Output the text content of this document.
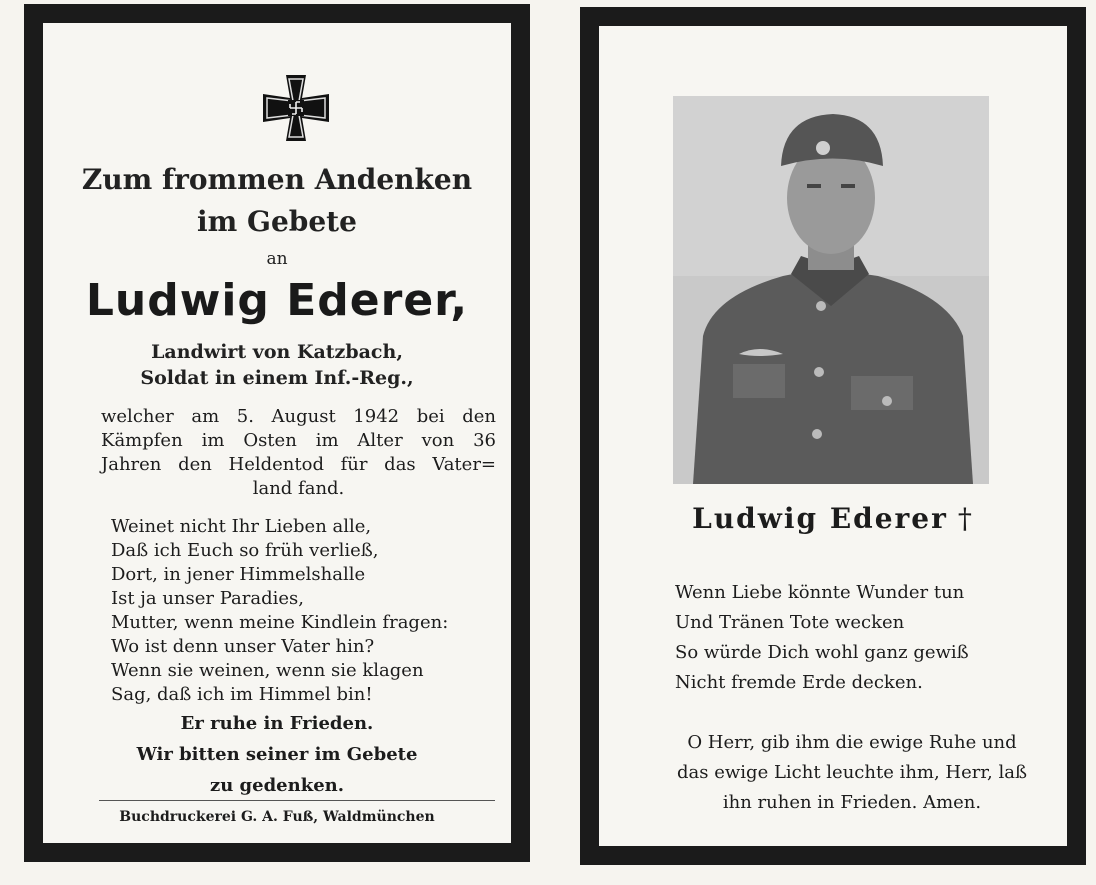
Zum frommen Andenken
im Gebete
an
Ludwig Ederer,
Landwirt von Katzbach,
Soldat in einem Inf.-Reg.,
welcher am 5. August 1942 bei den
Kämpfen im Osten im Alter von 36
Jahren den Heldentod für das Vater=
land fand.
Weinet nicht Ihr Lieben alle,
Daß ich Euch so früh verließ,
Dort, in jener Himmelshalle
Ist ja unser Paradies,
Mutter, wenn meine Kindlein fragen:
Wo ist denn unser Vater hin?
Wenn sie weinen, wenn sie klagen
Sag, daß ich im Himmel bin!
Er ruhe in Frieden.
Wir bitten seiner im Gebete
zu gedenken.
Buchdruckerei G. A. Fuß, Waldmünchen
Ludwig Ederer †
Wenn Liebe könnte Wunder tun
Und Tränen Tote wecken
So würde Dich wohl ganz gewiß
Nicht fremde Erde decken.
O Herr, gib ihm die ewige Ruhe und
das ewige Licht leuchte ihm, Herr, laß
ihn ruhen in Frieden. Amen.
